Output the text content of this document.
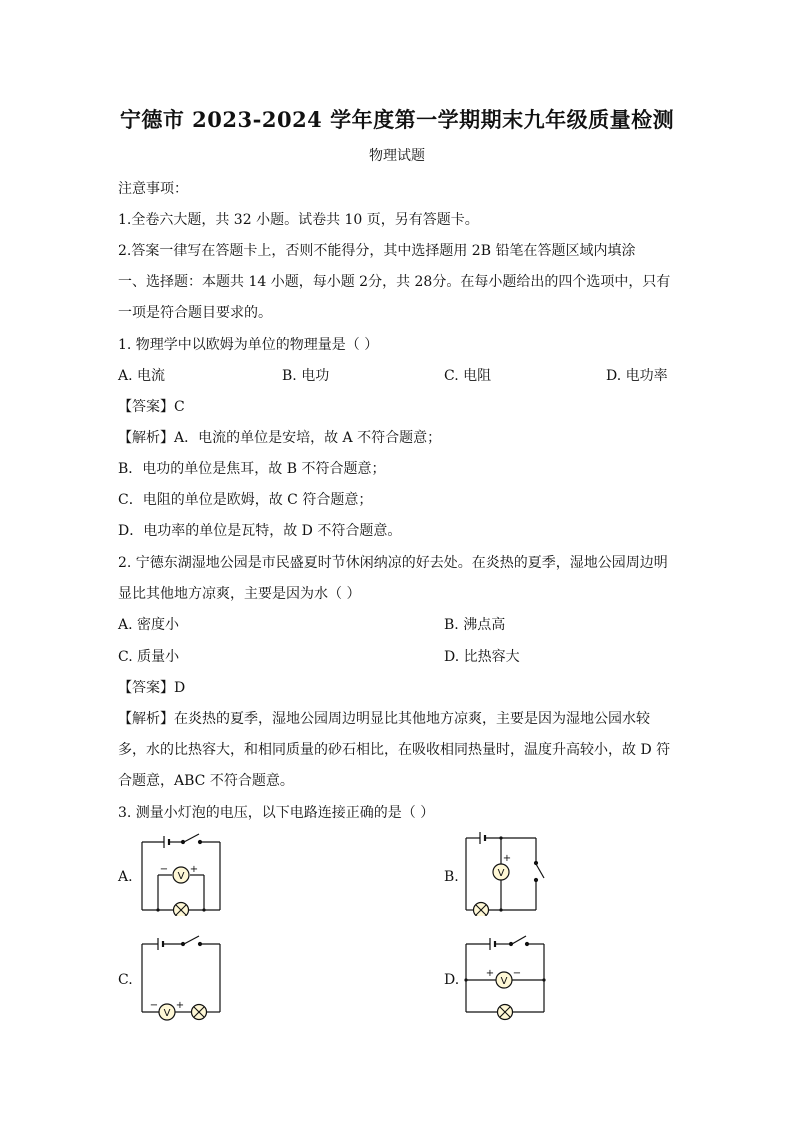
宁德市 2023-2024 学年度第一学期期末九年级质量检测
物理试题
注意事项：
1.全卷六大题，共 32 小题。试卷共 10 页，另有答题卡。
2.答案一律写在答题卡上，否则不能得分，其中选择题用 2B 铅笔在答题区域内填涂
一、选择题：本题共 14 小题，每小题 2分，共 28分。在每小题给出的四个选项中，只有
一项是符合题目要求的。
1. 物理学中以欧姆为单位的物理量是（ ）
A. 电流	B. 电功	C. 电阻	D. 电功率
【答案】C
【解析】A．电流的单位是安培，故 A 不符合题意；
B．电功的单位是焦耳，故 B 不符合题意；
C．电阻的单位是欧姆，故 C 符合题意；
D．电功率的单位是瓦特，故 D 不符合题意。
2. 宁德东湖湿地公园是市民盛夏时节休闲纳凉的好去处。在炎热的夏季，湿地公园周边明
显比其他地方凉爽，主要是因为水（ ）
A. 密度小	B. 沸点高
C. 质量小	D. 比热容大
【答案】D
【解析】在炎热的夏季，湿地公园周边明显比其他地方凉爽，主要是因为湿地公园水较
多，水的比热容大，和相同质量的砂石相比，在吸收相同热量时，温度升高较小，故 D 符
合题意，ABC 不符合题意。
3. 测量小灯泡的电压，以下电路连接正确的是（ ）
A.	V
− +	B.	V
+
C.
V
− +
D.	V
+ −
